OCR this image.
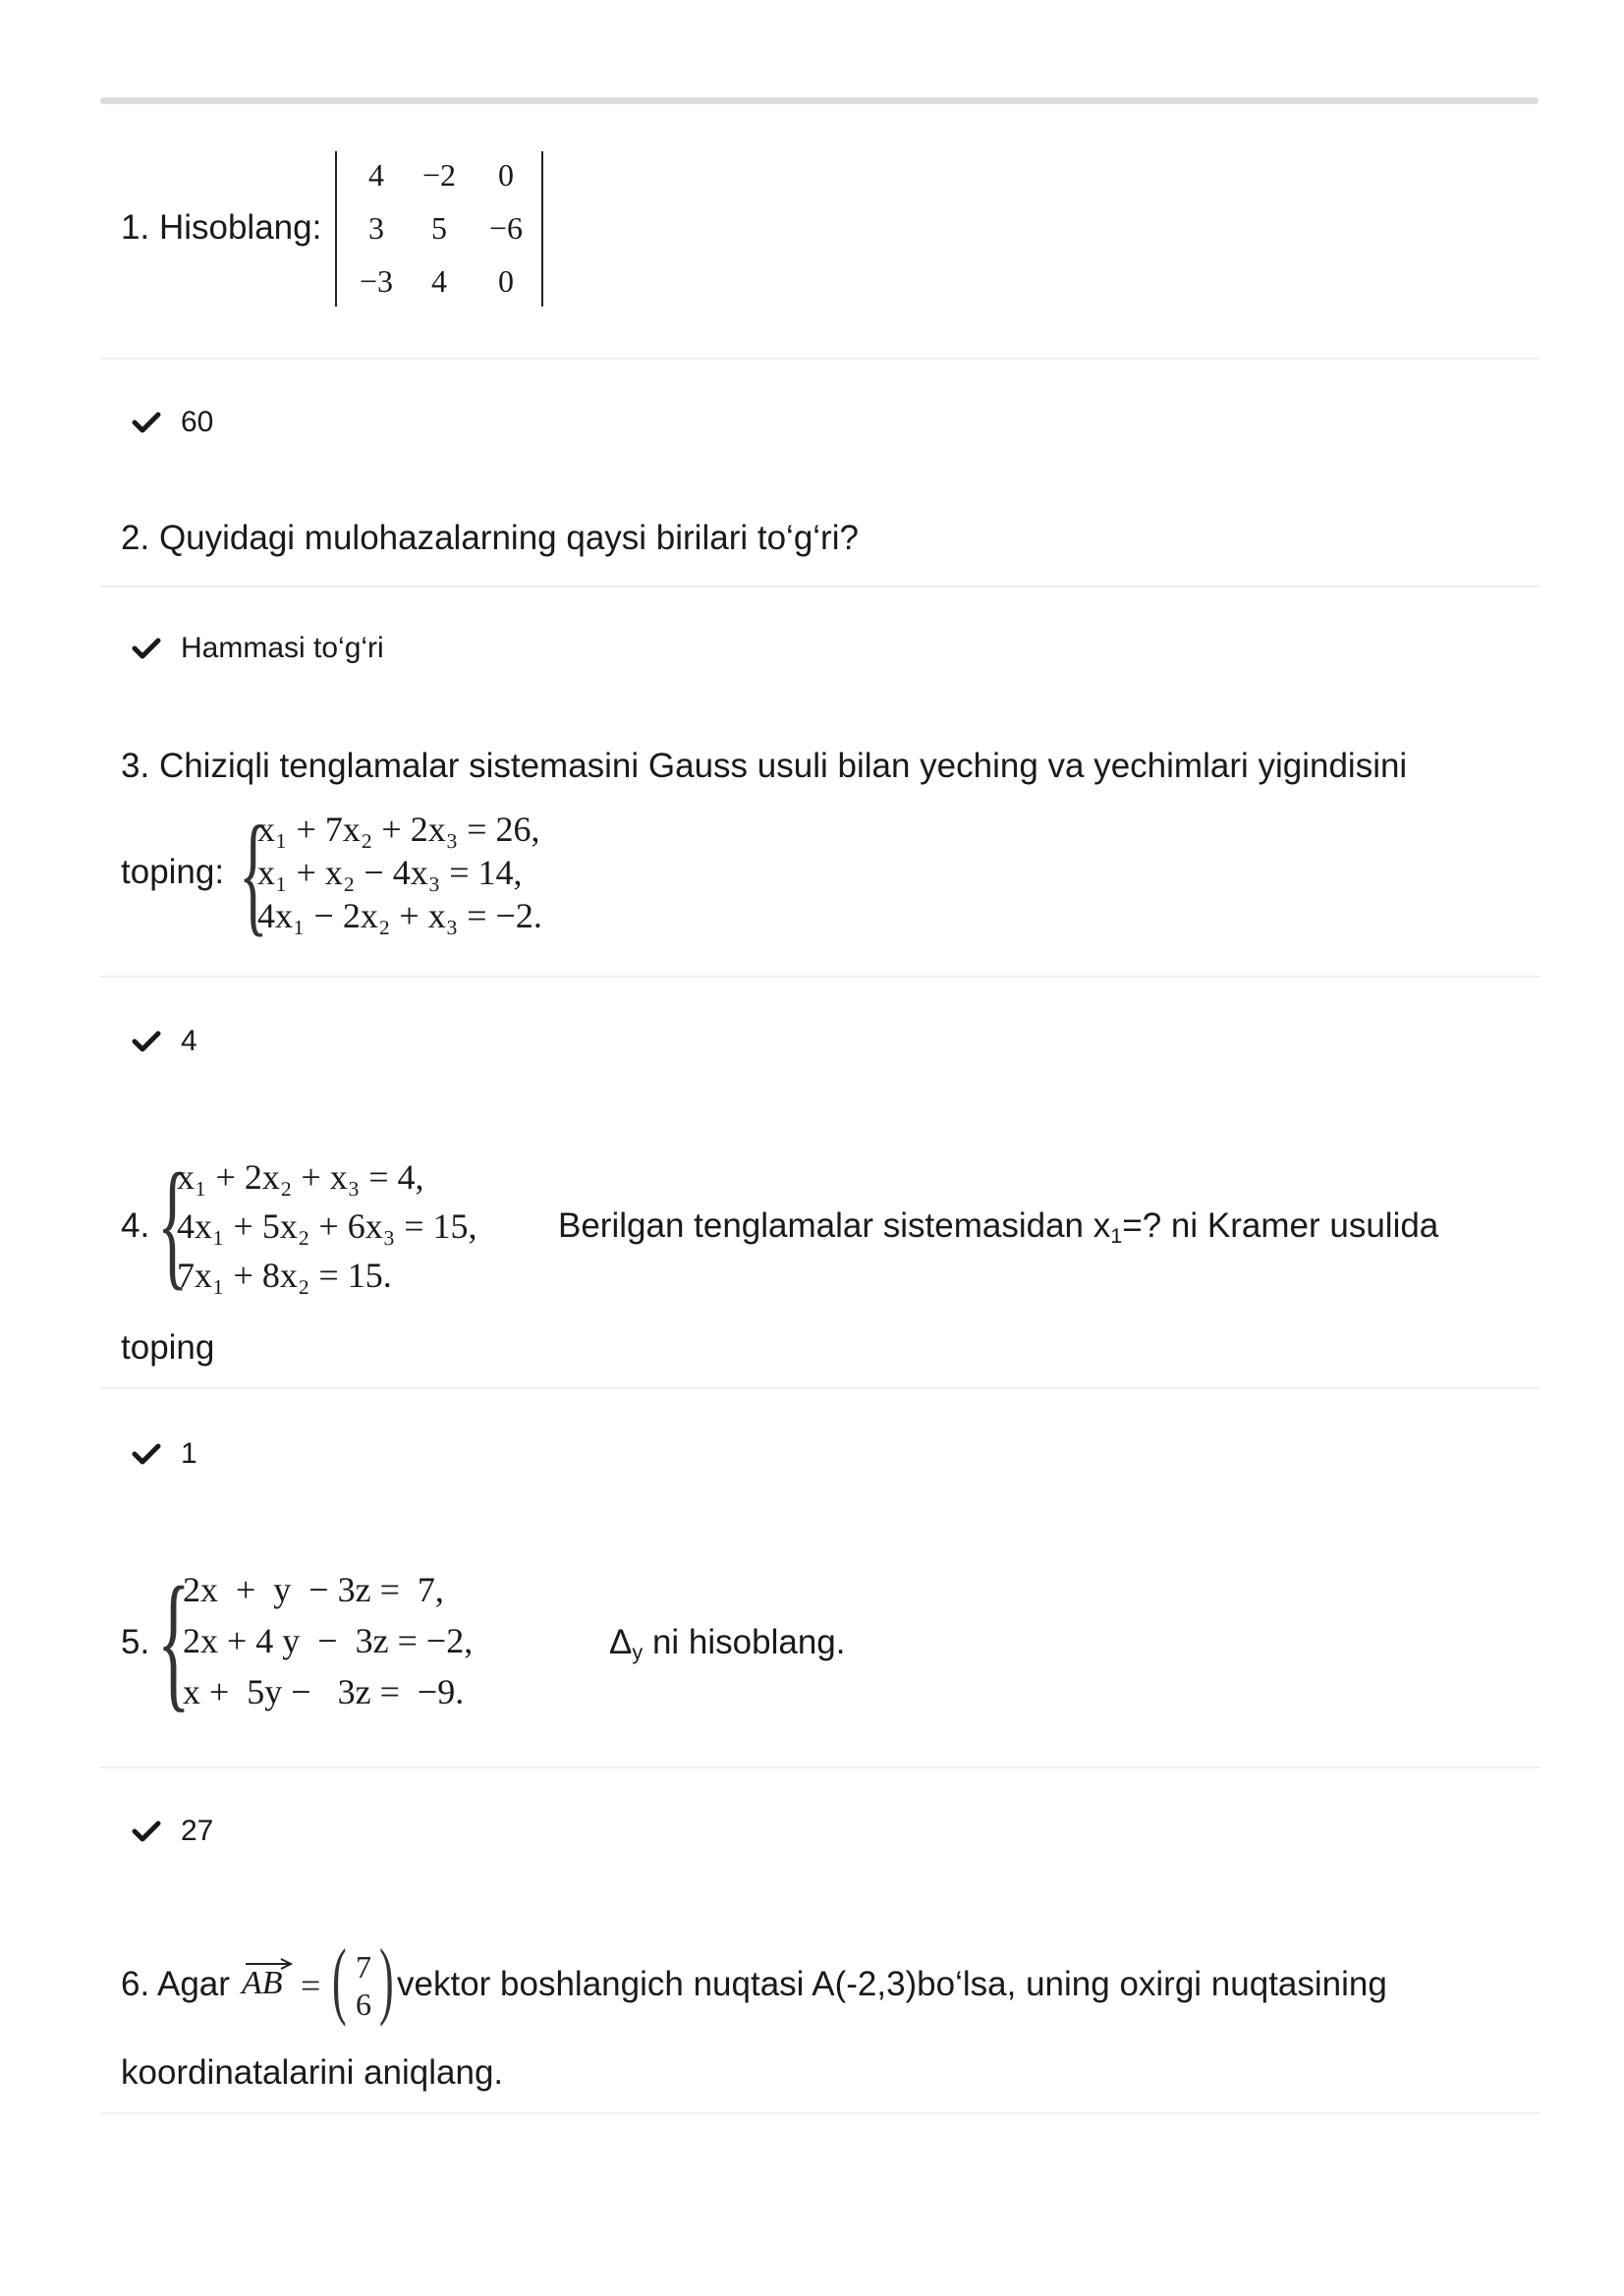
1. Hisoblang:
4	−2	0
3	5	−6
−3	4	0
60
2. Quyidagi mulohazalarning qaysi birilari to‘g‘ri?
Hammasi to‘g‘ri
3. Chiziqli tenglamalar sistemasini Gauss usuli bilan yeching va yechimlari yigindisini
toping: {
x₁ + 7x₂ + 2x₃ = 26,
x₁ + x₂ − 4x₃ = 14,
4x₁ − 2x₂ + x₃ = −2.
4
4. {
x₁ + 2x₂ + x₃ = 4,
4x₁ + 5x₂ + 6x₃ = 15,
7x₁ + 8x₂ = 15.
Berilgan tenglamalar sistemasidan $x_1=$? ni Kramer usulida
toping
1
5. {
2x  +  y  − 3z =  7,
2x + 4 y  −  3z = −2,
x +  5y −   3z =  −9.
$\Delta_y$ ni hisoblang.
27
6. Agar AB = ( 7
6 ) vektor boshlangich nuqtasi A(-2,3)bo‘lsa, uning oxirgi nuqtasining
koordinatalarini aniqlang.
